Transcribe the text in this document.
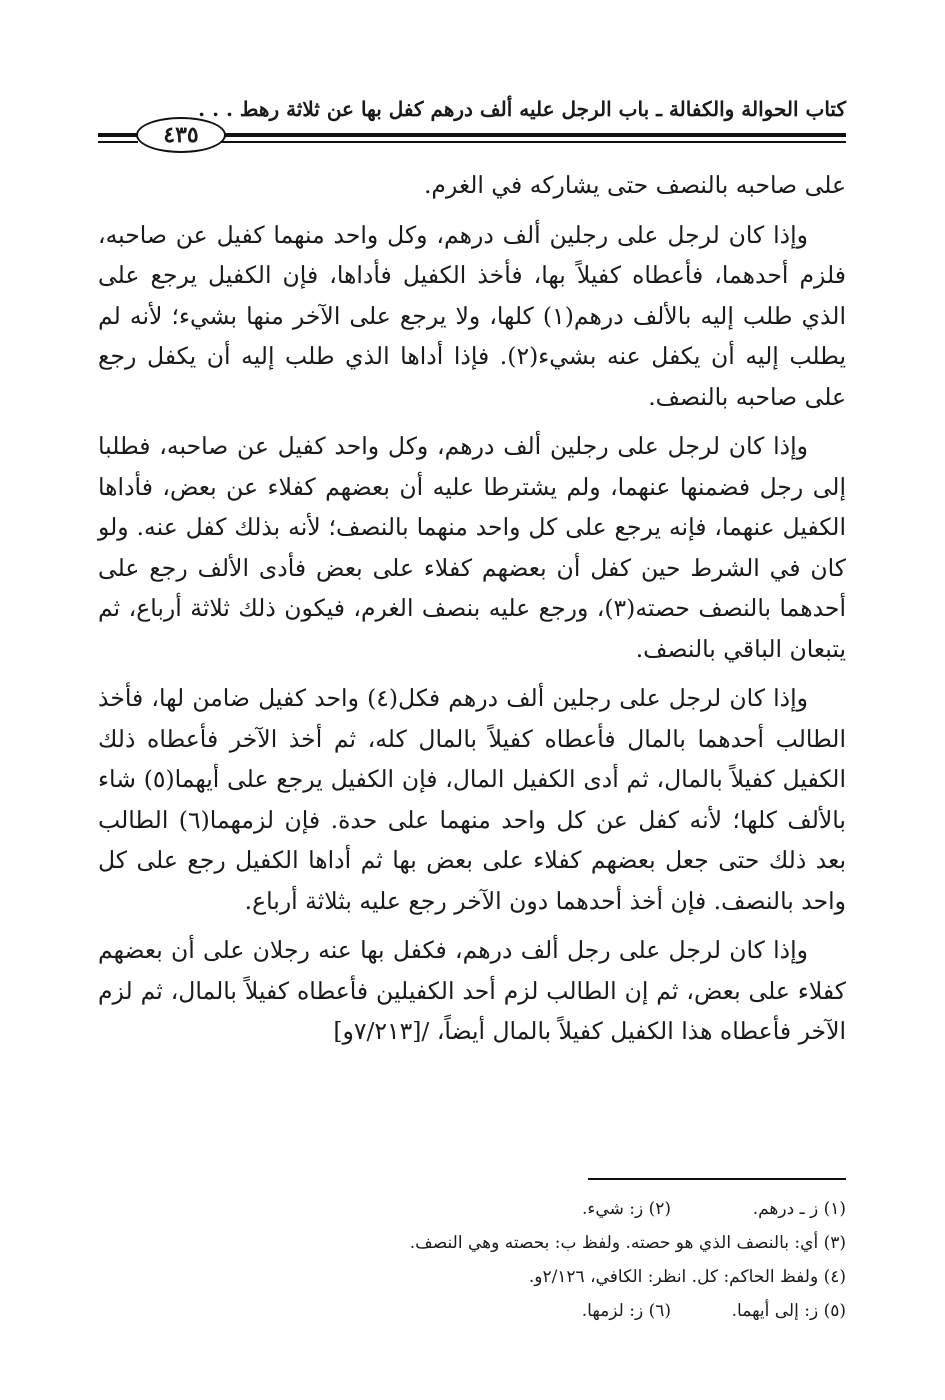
كتاب الحوالة والكفالة ـ باب الرجل عليه ألف درهم كفل بها عن ثلاثة رهط . . .
٤٣٥

على صاحبه بالنصف حتى يشاركه في الغرم.

وإذا كان لرجل على رجلين ألف درهم، وكل واحد منهما كفيل عن صاحبه، فلزم أحدهما، فأعطاه كفيلاً بها، فأخذ الكفيل فأداها، فإن الكفيل يرجع على الذي طلب إليه بالألف درهم(١) كلها، ولا يرجع على الآخر منها بشيء؛ لأنه لم يطلب إليه أن يكفل عنه بشيء(٢). فإذا أداها الذي طلب إليه أن يكفل رجع على صاحبه بالنصف.

وإذا كان لرجل على رجلين ألف درهم، وكل واحد كفيل عن صاحبه، فطلبا إلى رجل فضمنها عنهما، ولم يشترطا عليه أن بعضهم كفلاء عن بعض، فأداها الكفيل عنهما، فإنه يرجع على كل واحد منهما بالنصف؛ لأنه بذلك كفل عنه. ولو كان في الشرط حين كفل أن بعضهم كفلاء على بعض فأدى الألف رجع على أحدهما بالنصف حصته(٣)، ورجع عليه بنصف الغرم، فيكون ذلك ثلاثة أرباع، ثم يتبعان الباقي بالنصف.

وإذا كان لرجل على رجلين ألف درهم فكل(٤) واحد كفيل ضامن لها، فأخذ الطالب أحدهما بالمال فأعطاه كفيلاً بالمال كله، ثم أخذ الآخر فأعطاه ذلك الكفيل كفيلاً بالمال، ثم أدى الكفيل المال، فإن الكفيل يرجع على أيهما(٥) شاء بالألف كلها؛ لأنه كفل عن كل واحد منهما على حدة. فإن لزمهما(٦) الطالب بعد ذلك حتى جعل بعضهم كفلاء على بعض بها ثم أداها الكفيل رجع على كل واحد بالنصف. فإن أخذ أحدهما دون الآخر رجع عليه بثلاثة أرباع.

وإذا كان لرجل على رجل ألف درهم، فكفل بها عنه رجلان على أن بعضهم كفلاء على بعض، ثم إن الطالب لزم أحد الكفيلين فأعطاه كفيلاً بالمال، ثم لزم الآخر فأعطاه هذا الكفيل كفيلاً بالمال أيضاً، /[٧/٢١٣و]

(١) ز ـ درهم.
(٢) ز: شيء.
(٣) أي: بالنصف الذي هو حصته. ولفظ ب: بحصته وهي النصف.
(٤) ولفظ الحاكم: كل. انظر: الكافي، ٢/١٢٦و.
(٥) ز: إلى أيهما.
(٦) ز: لزمها.
